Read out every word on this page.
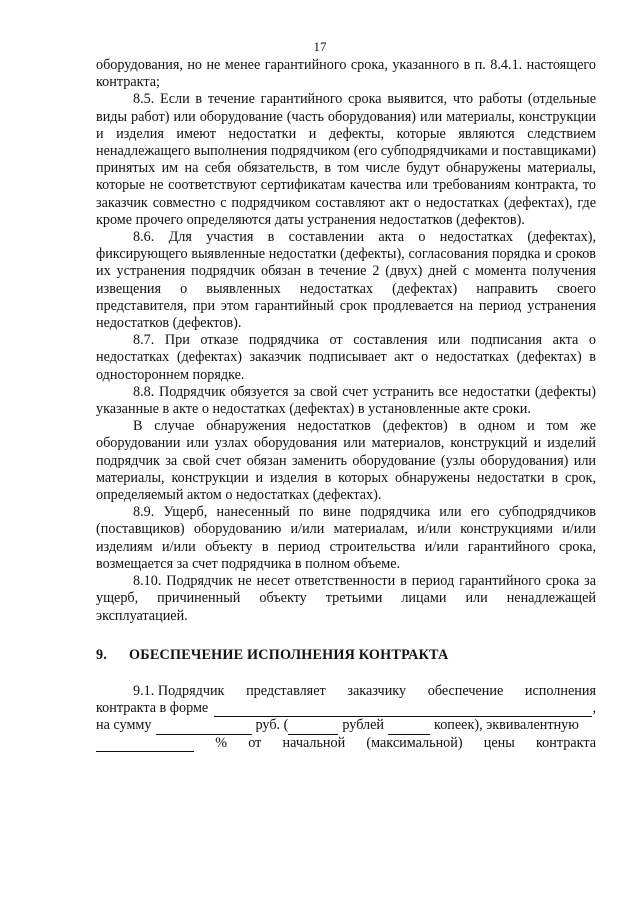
17

оборудования, но не менее гарантийного срока, указанного в п. 8.4.1. настоящего контракта;

8.5. Если в течение гарантийного срока выявится, что работы (отдельные виды работ) или оборудование (часть оборудования) или материалы, конструкции и изделия имеют недостатки и дефекты, которые являются следствием ненадлежащего выполнения подрядчиком (его субподрядчиками и поставщиками) принятых им на себя обязательств, в том числе будут обнаружены материалы, которые не соответствуют сертификатам качества или требованиям контракта, то заказчик совместно с подрядчиком составляют акт о недостатках (дефектах), где кроме прочего определяются даты устранения недостатков (дефектов).

8.6. Для участия в составлении акта о недостатках (дефектах), фиксирующего выявленные недостатки (дефекты), согласования порядка и сроков их устранения подрядчик обязан в течение 2 (двух) дней с момента получения извещения о выявленных недостатках (дефектах) направить своего представителя, при этом гарантийный срок продлевается на период устранения недостатков (дефектов).

8.7. При отказе подрядчика от составления или подписания акта о недостатках (дефектах) заказчик подписывает акт о недостатках (дефектах) в одностороннем порядке.

8.8. Подрядчик обязуется за свой счет устранить все недостатки (дефекты) указанные в акте о недостатках (дефектах) в установленные акте сроки.

В случае обнаружения недостатков (дефектов) в одном и том же оборудовании или узлах оборудования или материалов, конструкций и изделий подрядчик за свой счет обязан заменить оборудование (узлы оборудования) или материалы, конструкции и изделия в которых обнаружены недостатки в срок, определяемый актом о недостатках (дефектах).

8.9. Ущерб, нанесенный по вине подрядчика или его субподрядчиков (поставщиков) оборудованию и/или материалам, и/или конструкциями и/или изделиям и/или объекту в период строительства и/или гарантийного срока, возмещается за счет подрядчика в полном объеме.

8.10. Подрядчик не несет ответственности в период гарантийного срока за ущерб, причиненный объекту третьими лицами или ненадлежащей эксплуатацией.

9. ОБЕСПЕЧЕНИЕ ИСПОЛНЕНИЯ КОНТРАКТА

9.1. Подрядчик представляет заказчику обеспечение исполнения
контракта в форме	,
на сумму	руб. (	рублей	копеек), эквивалентную
% от начальной (максимальной) цены контракта
